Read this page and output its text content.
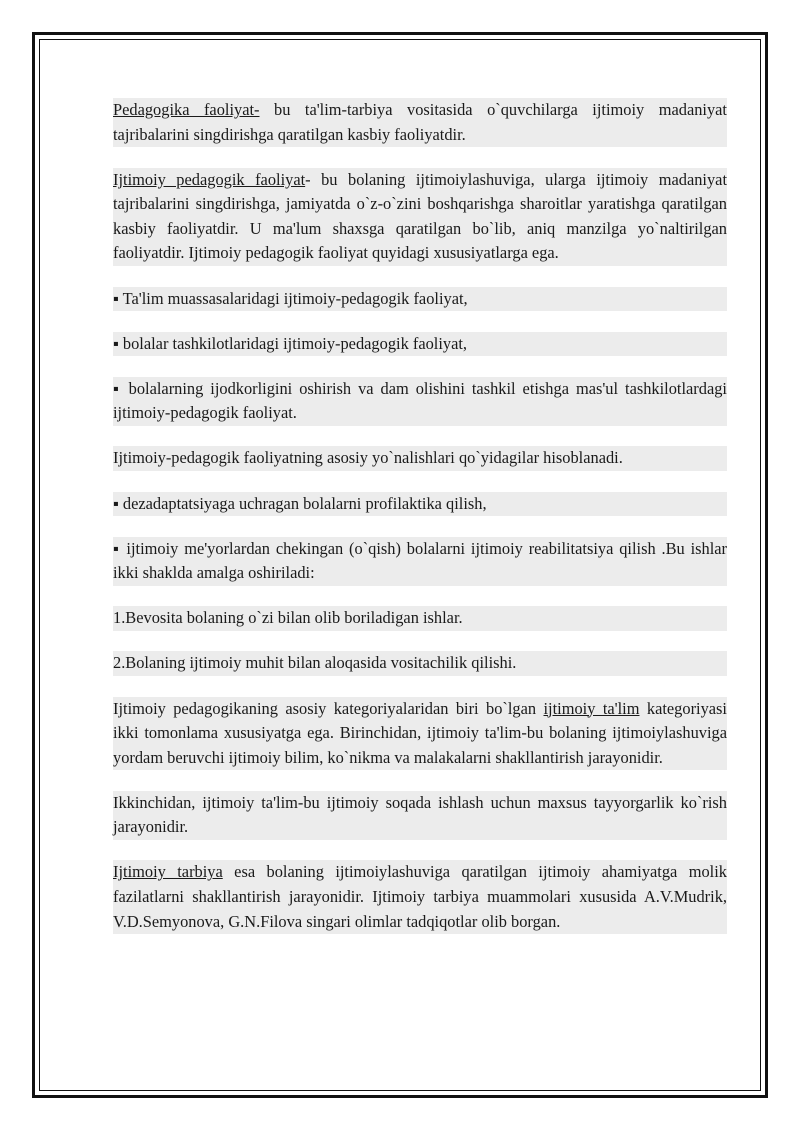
Pedagogika faoliyat- bu ta'lim-tarbiya vositasida o`quvchilarga ijtimoiy madaniyat tajribalarini singdirishga qaratilgan kasbiy faoliyatdir.

Ijtimoiy pedagogik faoliyat- bu bolaning ijtimoiylashuviga, ularga ijtimoiy madaniyat tajribalarini singdirishga, jamiyatda o`z-o`zini boshqarishga sharoitlar yaratishga qaratilgan kasbiy faoliyatdir. U ma'lum shaxsga qaratilgan bo`lib, aniq manzilga yo`naltirilgan faoliyatdir. Ijtimoiy pedagogik faoliyat quyidagi xususiyatlarga ega.

▪ Ta'lim muassasalaridagi ijtimoiy-pedagogik faoliyat,

▪ bolalar tashkilotlaridagi ijtimoiy-pedagogik faoliyat,

▪ bolalarning ijodkorligini oshirish va dam olishini tashkil etishga mas'ul tashkilotlardagi ijtimoiy-pedagogik faoliyat.

Ijtimoiy-pedagogik faoliyatning asosiy yo`nalishlari qo`yidagilar hisoblanadi.

▪ dezadaptatsiyaga uchragan bolalarni profilaktika qilish,

▪ ijtimoiy me'yorlardan chekingan (o`qish) bolalarni ijtimoiy reabilitatsiya qilish .Bu ishlar ikki shaklda amalga oshiriladi:

1.Bevosita bolaning o`zi bilan olib boriladigan ishlar.

2.Bolaning ijtimoiy muhit bilan aloqasida vositachilik qilishi.

Ijtimoiy pedagogikaning asosiy kategoriyalaridan biri bo`lgan ijtimoiy ta'lim kategoriyasi ikki tomonlama xususiyatga ega. Birinchidan, ijtimoiy ta'lim-bu bolaning ijtimoiylashuviga yordam beruvchi ijtimoiy bilim, ko`nikma va malakalarni shakllantirish jarayonidir.

Ikkinchidan, ijtimoiy ta'lim-bu ijtimoiy soqada ishlash uchun maxsus tayyorgarlik ko`rish jarayonidir.

Ijtimoiy tarbiya esa bolaning ijtimoiylashuviga qaratilgan ijtimoiy ahamiyatga molik fazilatlarni shakllantirish jarayonidir. Ijtimoiy tarbiya muammolari xususida A.V.Mudrik, V.D.Semyonova, G.N.Filova singari olimlar tadqiqotlar olib borgan.
